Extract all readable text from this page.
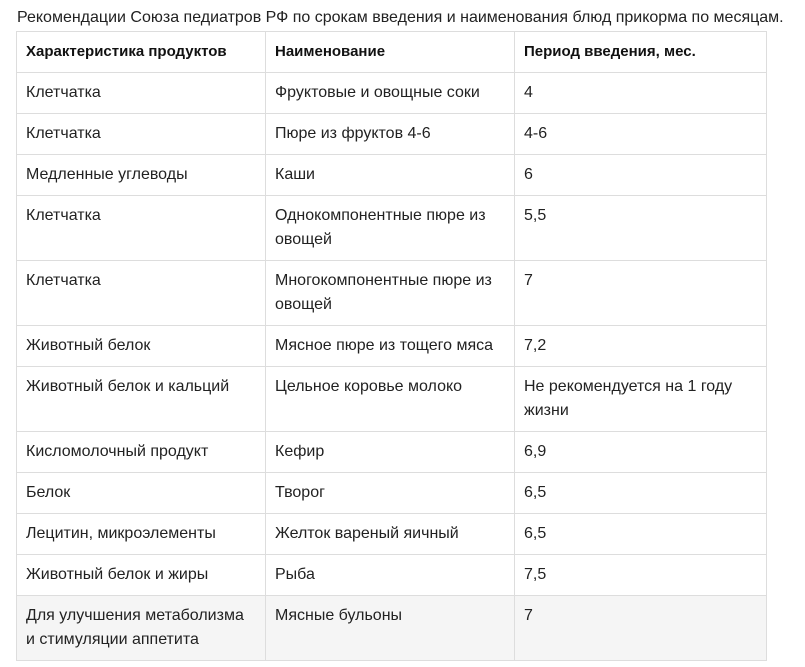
Рекомендации Союза педиатров РФ по срокам введения и наименования блюд прикорма по месяцам.
Характеристика продуктов	Наименование	Период введения, мес.
Клетчатка	Фруктовые и овощные соки	4
Клетчатка	Пюре из фруктов 4-6	4-6
Медленные углеводы	Каши	6
Клетчатка	Однокомпонентные пюре из овощей	5,5
Клетчатка	Многокомпонентные пюре из овощей	7
Животный белок	Мясное пюре из тощего мяса	7,2
Животный белок и кальций	Цельное коровье молоко	Не рекомендуется на 1 году жизни
Кисломолочный продукт	Кефир	6,9
Белок	Творог	6,5
Лецитин, микроэлементы	Желток вареный яичный	6,5
Животный белок и жиры	Рыба	7,5
Для улучшения метаболизма и стимуляции аппетита	Мясные бульоны	7
